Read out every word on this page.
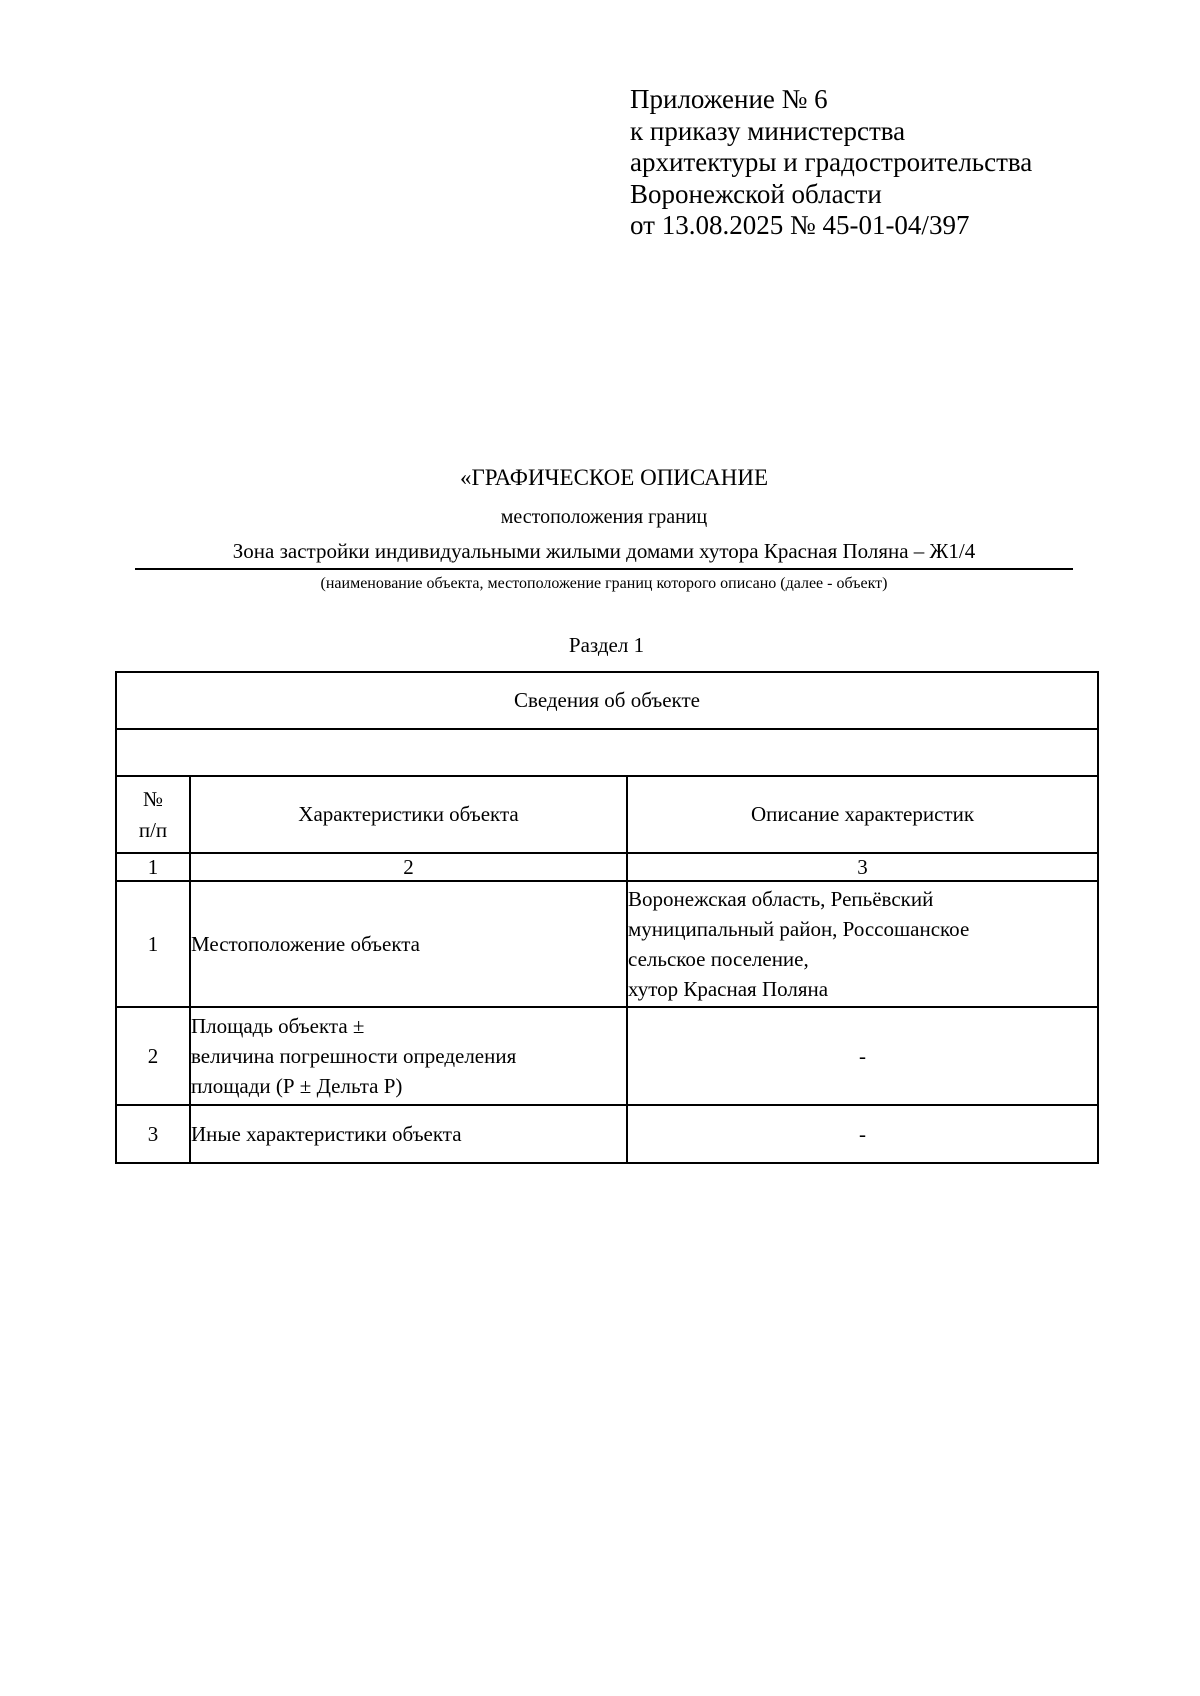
Приложение № 6
к приказу министерства
архитектуры и градостроительства
Воронежской области
от 13.08.2025 № 45-01-04/397
«ГРАФИЧЕСКОЕ ОПИСАНИЕ
местоположения границ
Зона застройки индивидуальными жилыми домами хутора Красная Поляна – Ж1/4
(наименование объекта, местоположение границ которого описано (далее - объект)
Раздел 1
Сведения об объекте		

№
п/п	Характеристики объекта	Описание характеристик
1	2	3
1	Местоположение объекта	Воронежская область, Репьёвский
муниципальный район, Россошанское
сельское поселение,
хутор Красная Поляна

2	Площадь объекта ±
величина погрешности определения
площади (Р ± Дельта Р)	-
3	Иные характеристики объекта	-
